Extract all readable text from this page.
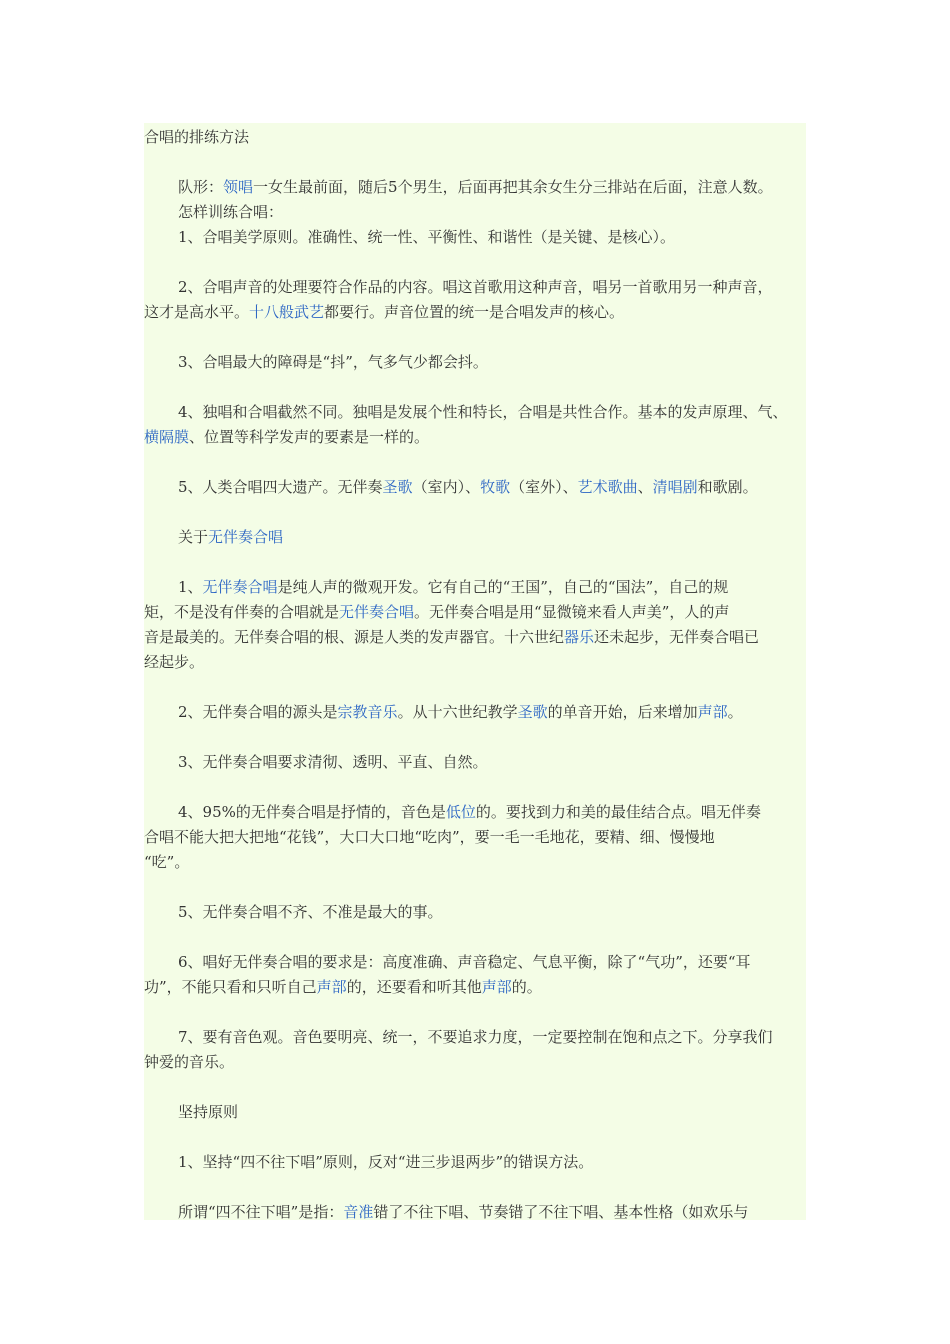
合唱的排练方法

队形：领唱一女生最前面，随后5个男生，后面再把其余女生分三排站在后面，注意人数。

怎样训练合唱：

1、合唱美学原则。准确性、统一性、平衡性、和谐性（是关键、是核心）。

2、合唱声音的处理要符合作品的内容。唱这首歌用这种声音，唱另一首歌用另一种声音，

这才是高水平。十八般武艺都要行。声音位置的统一是合唱发声的核心。

3、合唱最大的障碍是“抖”，气多气少都会抖。

4、独唱和合唱截然不同。独唱是发展个性和特长，合唱是共性合作。基本的发声原理、气、

横隔膜、位置等科学发声的要素是一样的。

5、人类合唱四大遗产。无伴奏圣歌（室内）、牧歌（室外）、艺术歌曲、清唱剧和歌剧。

关于无伴奏合唱

1、无伴奏合唱是纯人声的微观开发。它有自己的“王国”，自己的“国法”，自己的规

矩，不是没有伴奏的合唱就是无伴奏合唱。无伴奏合唱是用“显微镜来看人声美”，人的声

音是最美的。无伴奏合唱的根、源是人类的发声器官。十六世纪器乐还未起步，无伴奏合唱已

经起步。

2、无伴奏合唱的源头是宗教音乐。从十六世纪教学圣歌的单音开始，后来增加声部。

3、无伴奏合唱要求清彻、透明、平直、自然。

4、95%的无伴奏合唱是抒情的，音色是低位的。要找到力和美的最佳结合点。唱无伴奏

合唱不能大把大把地“花钱”，大口大口地“吃肉”，要一毛一毛地花，要精、细、慢慢地

“吃”。

5、无伴奏合唱不齐、不准是最大的事。

6、唱好无伴奏合唱的要求是：高度准确、声音稳定、气息平衡，除了“气功”，还要“耳

功”，不能只看和只听自己声部的，还要看和听其他声部的。

7、要有音色观。音色要明亮、统一，不要追求力度，一定要控制在饱和点之下。分享我们

钟爱的音乐。

坚持原则

1、坚持“四不往下唱”原则，反对“进三步退两步”的错误方法。

所谓“四不往下唱”是指：音准错了不往下唱、节奏错了不往下唱、基本性格（如欢乐与
